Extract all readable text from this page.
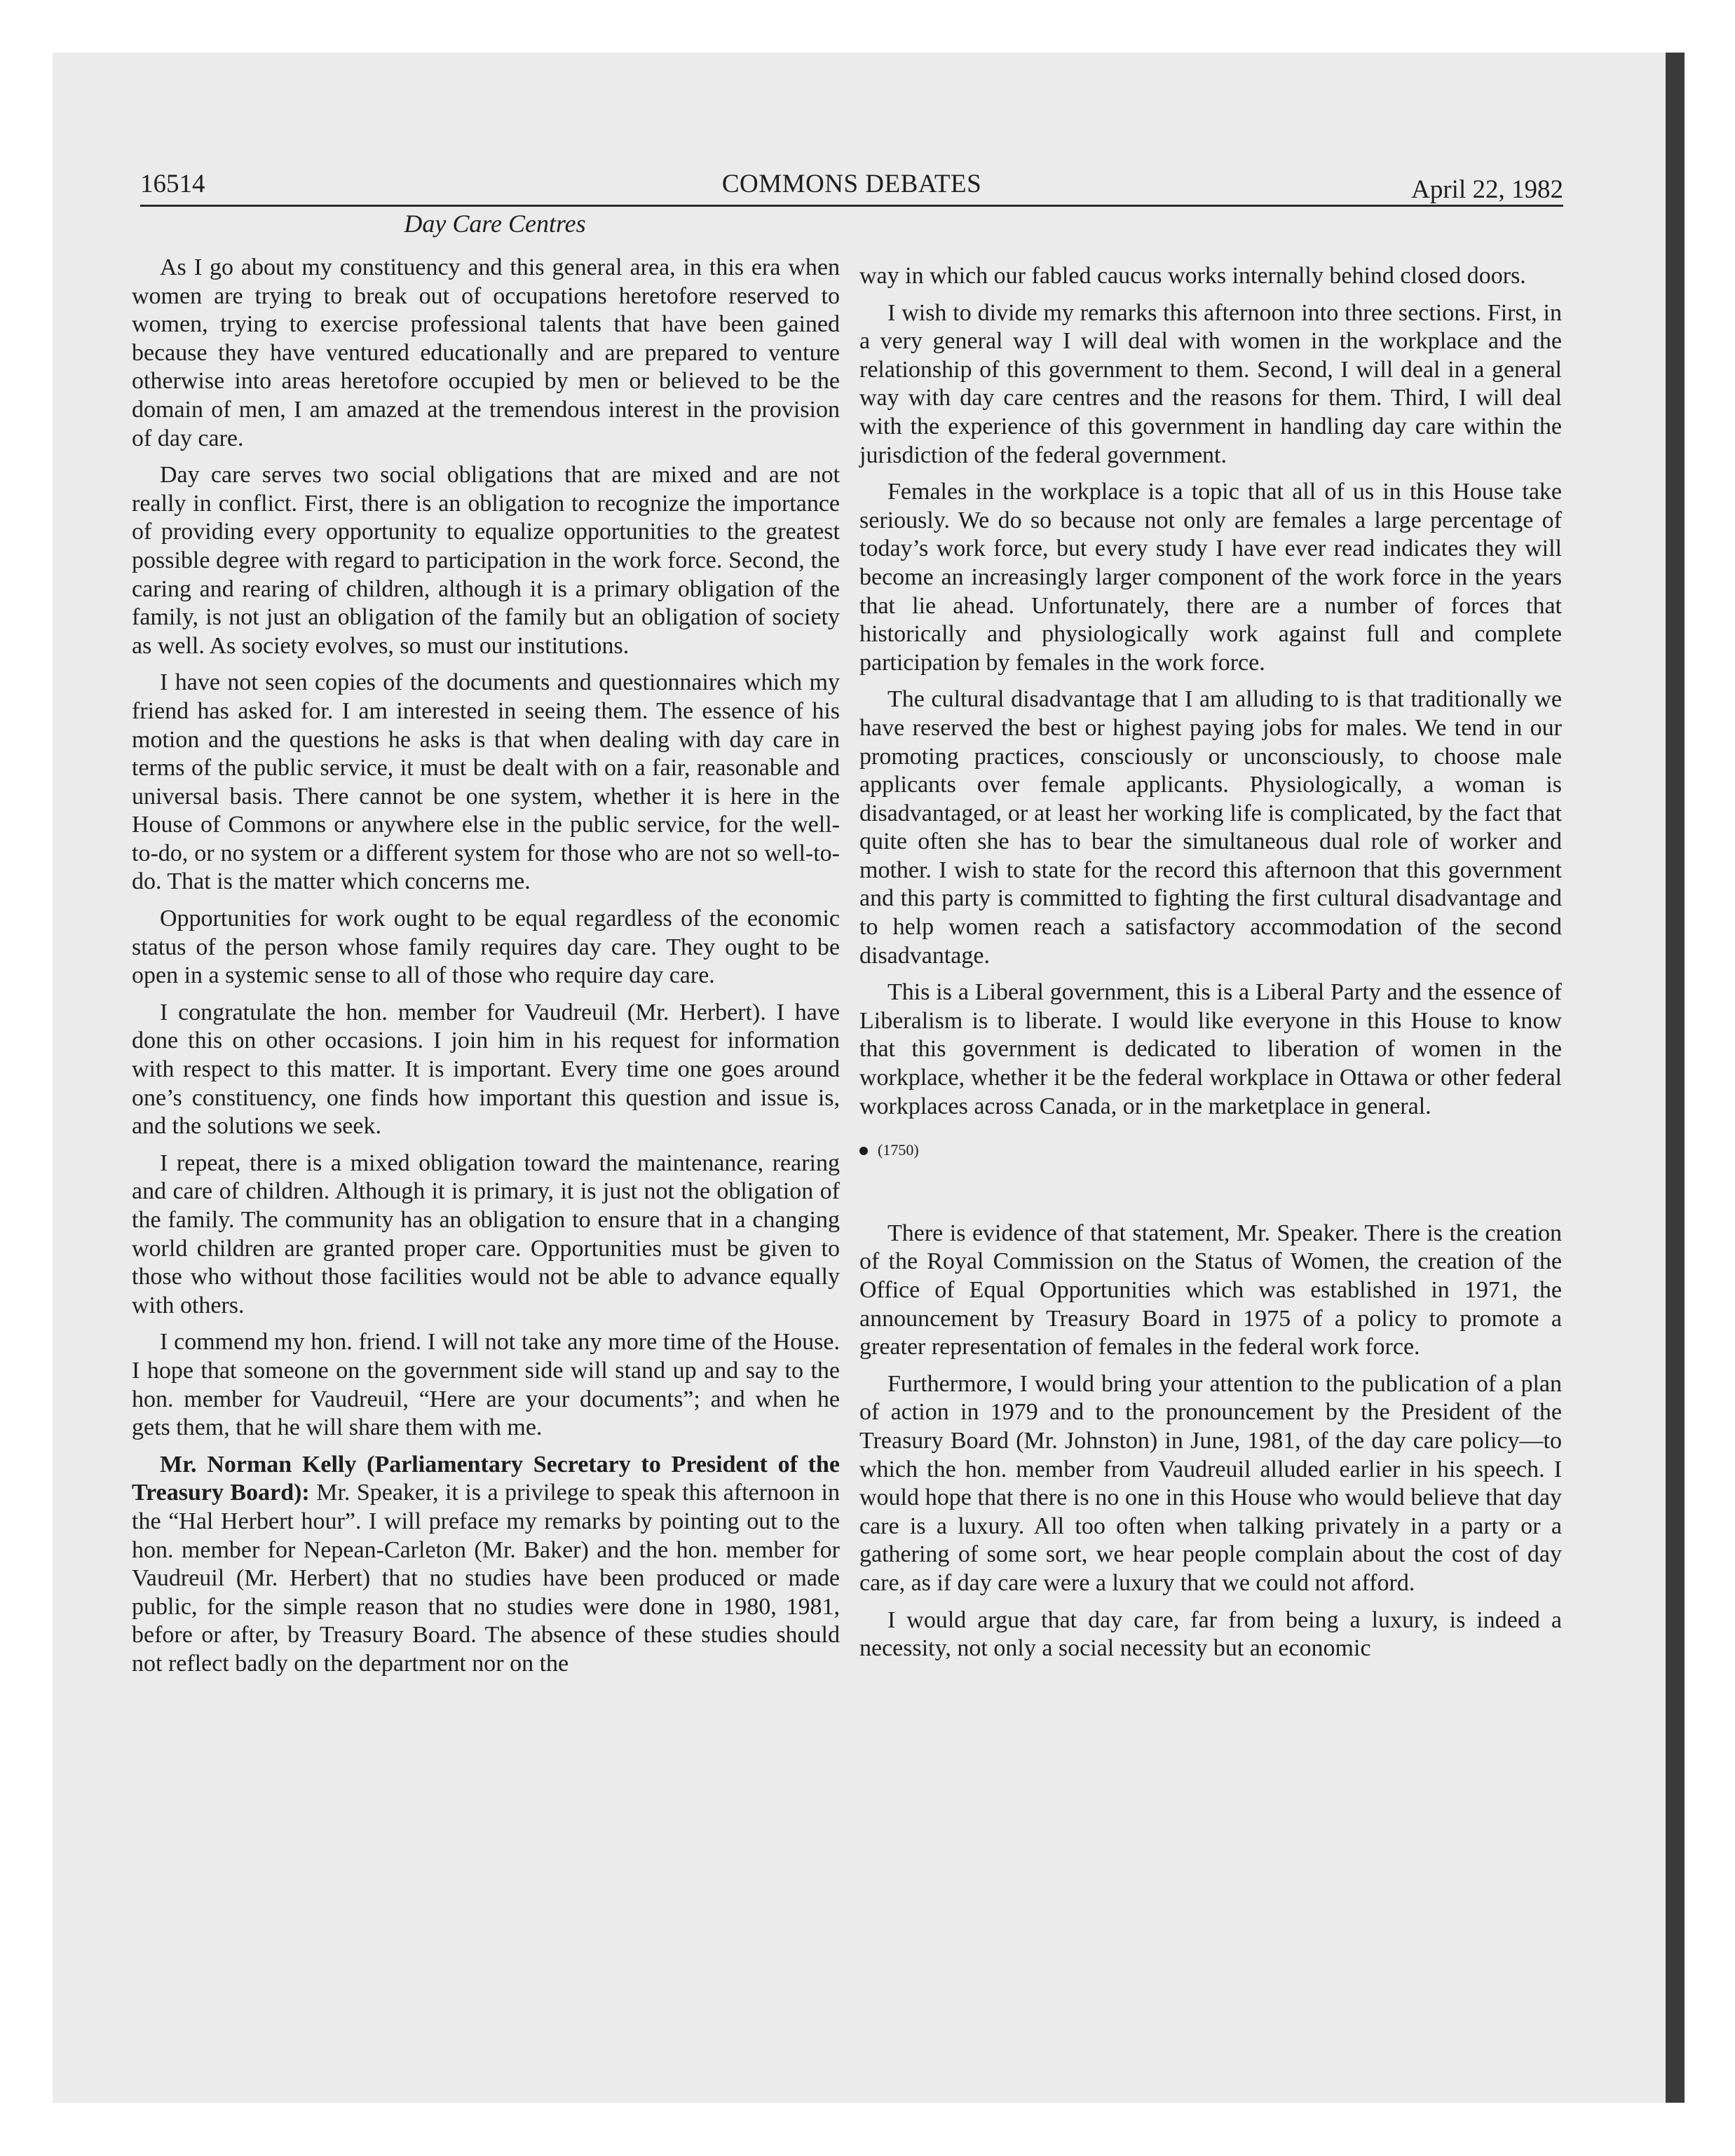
16514	COMMONS DEBATES	April 22, 1982
Day Care Centres

As I go about my constituency and this general area, in this era when women are trying to break out of occupations heretofore reserved to women, trying to exercise professional talents that have been gained because they have ventured educationally and are prepared to venture otherwise into areas heretofore occupied by men or believed to be the domain of men, I am amazed at the tremendous interest in the provision of day care.

Day care serves two social obligations that are mixed and are not really in conflict. First, there is an obligation to recognize the importance of providing every opportunity to equalize opportunities to the greatest possible degree with regard to participation in the work force. Second, the caring and rearing of children, although it is a primary obligation of the family, is not just an obligation of the family but an obligation of society as well. As society evolves, so must our institutions.

I have not seen copies of the documents and questionnaires which my friend has asked for. I am interested in seeing them. The essence of his motion and the questions he asks is that when dealing with day care in terms of the public service, it must be dealt with on a fair, reasonable and universal basis. There cannot be one system, whether it is here in the House of Commons or anywhere else in the public service, for the well-to-do, or no system or a different system for those who are not so well-to-do. That is the matter which concerns me.

Opportunities for work ought to be equal regardless of the economic status of the person whose family requires day care. They ought to be open in a systemic sense to all of those who require day care.

I congratulate the hon. member for Vaudreuil (Mr. Herbert). I have done this on other occasions. I join him in his request for information with respect to this matter. It is important. Every time one goes around one’s constituency, one finds how important this question and issue is, and the solutions we seek.

I repeat, there is a mixed obligation toward the maintenance, rearing and care of children. Although it is primary, it is just not the obligation of the family. The community has an obligation to ensure that in a changing world children are granted proper care. Opportunities must be given to those who without those facilities would not be able to advance equally with others.

I commend my hon. friend. I will not take any more time of the House. I hope that someone on the government side will stand up and say to the hon. member for Vaudreuil, “Here are your documents”; and when he gets them, that he will share them with me.

Mr. Norman Kelly (Parliamentary Secretary to President of the Treasury Board): Mr. Speaker, it is a privilege to speak this afternoon in the “Hal Herbert hour”. I will preface my remarks by pointing out to the hon. member for Nepean-Carleton (Mr. Baker) and the hon. member for Vaudreuil (Mr. Herbert) that no studies have been produced or made public, for the simple reason that no studies were done in 1980, 1981, before or after, by Treasury Board. The absence of these studies should not reflect badly on the department nor on the

way in which our fabled caucus works internally behind closed doors.

I wish to divide my remarks this afternoon into three sections. First, in a very general way I will deal with women in the workplace and the relationship of this government to them. Second, I will deal in a general way with day care centres and the reasons for them. Third, I will deal with the experience of this government in handling day care within the jurisdiction of the federal government.

Females in the workplace is a topic that all of us in this House take seriously. We do so because not only are females a large percentage of today’s work force, but every study I have ever read indicates they will become an increasingly larger component of the work force in the years that lie ahead. Unfortunately, there are a number of forces that historically and physiologically work against full and complete participation by females in the work force.

The cultural disadvantage that I am alluding to is that traditionally we have reserved the best or highest paying jobs for males. We tend in our promoting practices, consciously or unconsciously, to choose male applicants over female applicants. Physiologically, a woman is disadvantaged, or at least her working life is complicated, by the fact that quite often she has to bear the simultaneous dual role of worker and mother. I wish to state for the record this afternoon that this government and this party is committed to fighting the first cultural disadvantage and to help women reach a satisfactory accommodation of the second disadvantage.

This is a Liberal government, this is a Liberal Party and the essence of Liberalism is to liberate. I would like everyone in this House to know that this government is dedicated to liberation of women in the workplace, whether it be the federal workplace in Ottawa or other federal workplaces across Canada, or in the marketplace in general.

(1750)

There is evidence of that statement, Mr. Speaker. There is the creation of the Royal Commission on the Status of Women, the creation of the Office of Equal Opportunities which was established in 1971, the announcement by Treasury Board in 1975 of a policy to promote a greater representation of females in the federal work force.

Furthermore, I would bring your attention to the publication of a plan of action in 1979 and to the pronouncement by the President of the Treasury Board (Mr. Johnston) in June, 1981, of the day care policy—to which the hon. member from Vaudreuil alluded earlier in his speech. I would hope that there is no one in this House who would believe that day care is a luxury. All too often when talking privately in a party or a gathering of some sort, we hear people complain about the cost of day care, as if day care were a luxury that we could not afford.

I would argue that day care, far from being a luxury, is indeed a necessity, not only a social necessity but an economic
